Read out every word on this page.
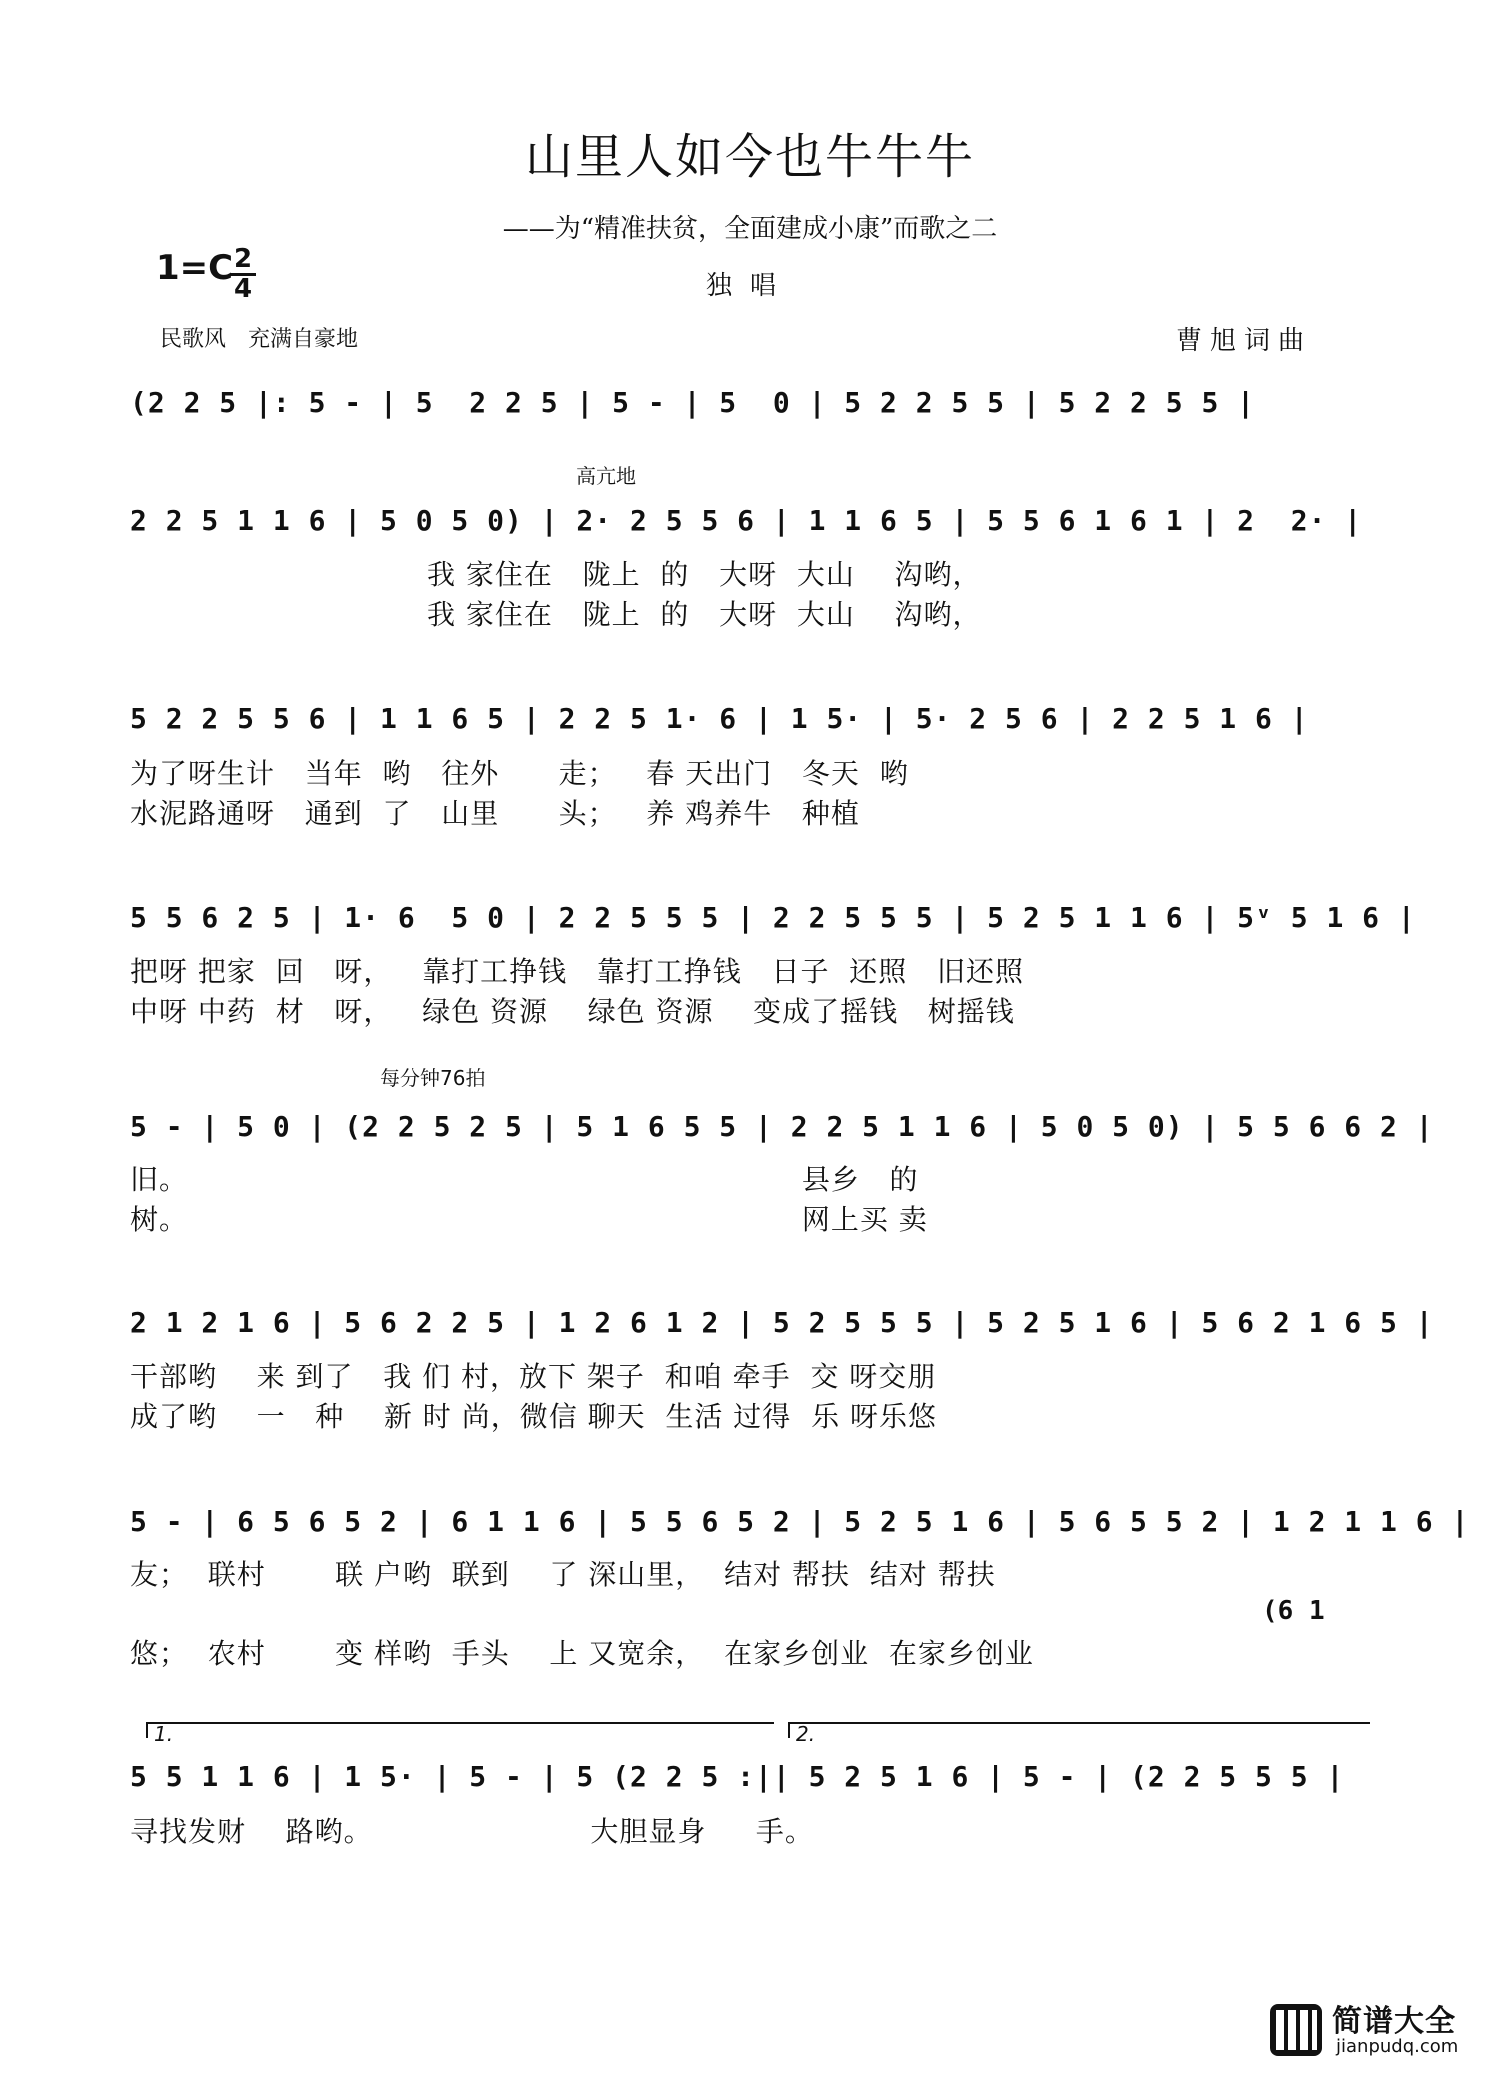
山里人如今也牛牛牛
——为“精准扶贫，全面建成小康”而歌之二
1=C 2
4	独唱
民歌风　充满自豪地	曹旭词曲
高亢地
每分钟76拍
(2 2 5 |: 5 - | 5  2 2 5 | 5 - | 5  0 | 5 2 2 5 5 | 5 2 2 5 5 |
2 2 5 1 1 6 | 5 0 5 0) | 2· 2 5 5 6 | 1 1 6 5 | 5 5 6 1 6 1 | 2  2· |
我 家住在   陇上  的   大呀  大山    沟哟，
我 家住在   陇上  的   大呀  大山    沟哟，
5 2 2 5 5 6 | 1 1 6 5 | 2 2 5 1· 6 | 1 5· | 5· 2 5 6 | 2 2 5 1 6 |
为了呀生计   当年  哟   往外      走；   春 天出门   冬天  哟
水泥路通呀   通到  了   山里      头；   养 鸡养牛   种植
5 5 6 2 5 | 1· 6  5 0 | 2 2 5 5 5 | 2 2 5 5 5 | 5 2 5 1 1 6 | 5ᵛ 5 1 6 |
把呀 把家  回   呀，   靠打工挣钱   靠打工挣钱   日子  还照   旧还照
中呀 中药  材   呀，   绿色 资源    绿色 资源    变成了摇钱   树摇钱
5 - | 5 0 | (2 2 5 2 5 | 5 1 6 5 5 | 2 2 5 1 1 6 | 5 0 5 0) | 5 5 6 6 2 |
旧。                                                              县乡   的
树。                                                              网上买 卖
2 1 2 1 6 | 5 6 2 2 5 | 1 2 6 1 2 | 5 2 5 5 5 | 5 2 5 1 6 | 5 6 2 1 6 5 |
干部哟    来 到了   我 们 村，放下 架子  和咱 牵手  交 呀交朋
成了哟    一   种    新 时 尚，微信 聊天  生活 过得  乐 呀乐悠
5 - | 6 5 6 5 2 | 6 1 1 6 | 5 5 6 5 2 | 5 2 5 1 6 | 5 6 5 5 2 | 1 2 1 1 6 |
友；  联村       联 户哟  联到    了 深山里，  结对 帮扶  结对 帮扶
(6 1
悠；  农村       变 样哟  手头    上 又宽余，  在家乡创业  在家乡创业
1.	2.
5 5 1 1 6 | 1 5· | 5 - | 5 (2 2 5 :|| 5 2 5 1 6 | 5 - | (2 2 5 5 5 |
寻找发财    路哟。                      大胆显身     手。
简谱大全
jianpudq.com
